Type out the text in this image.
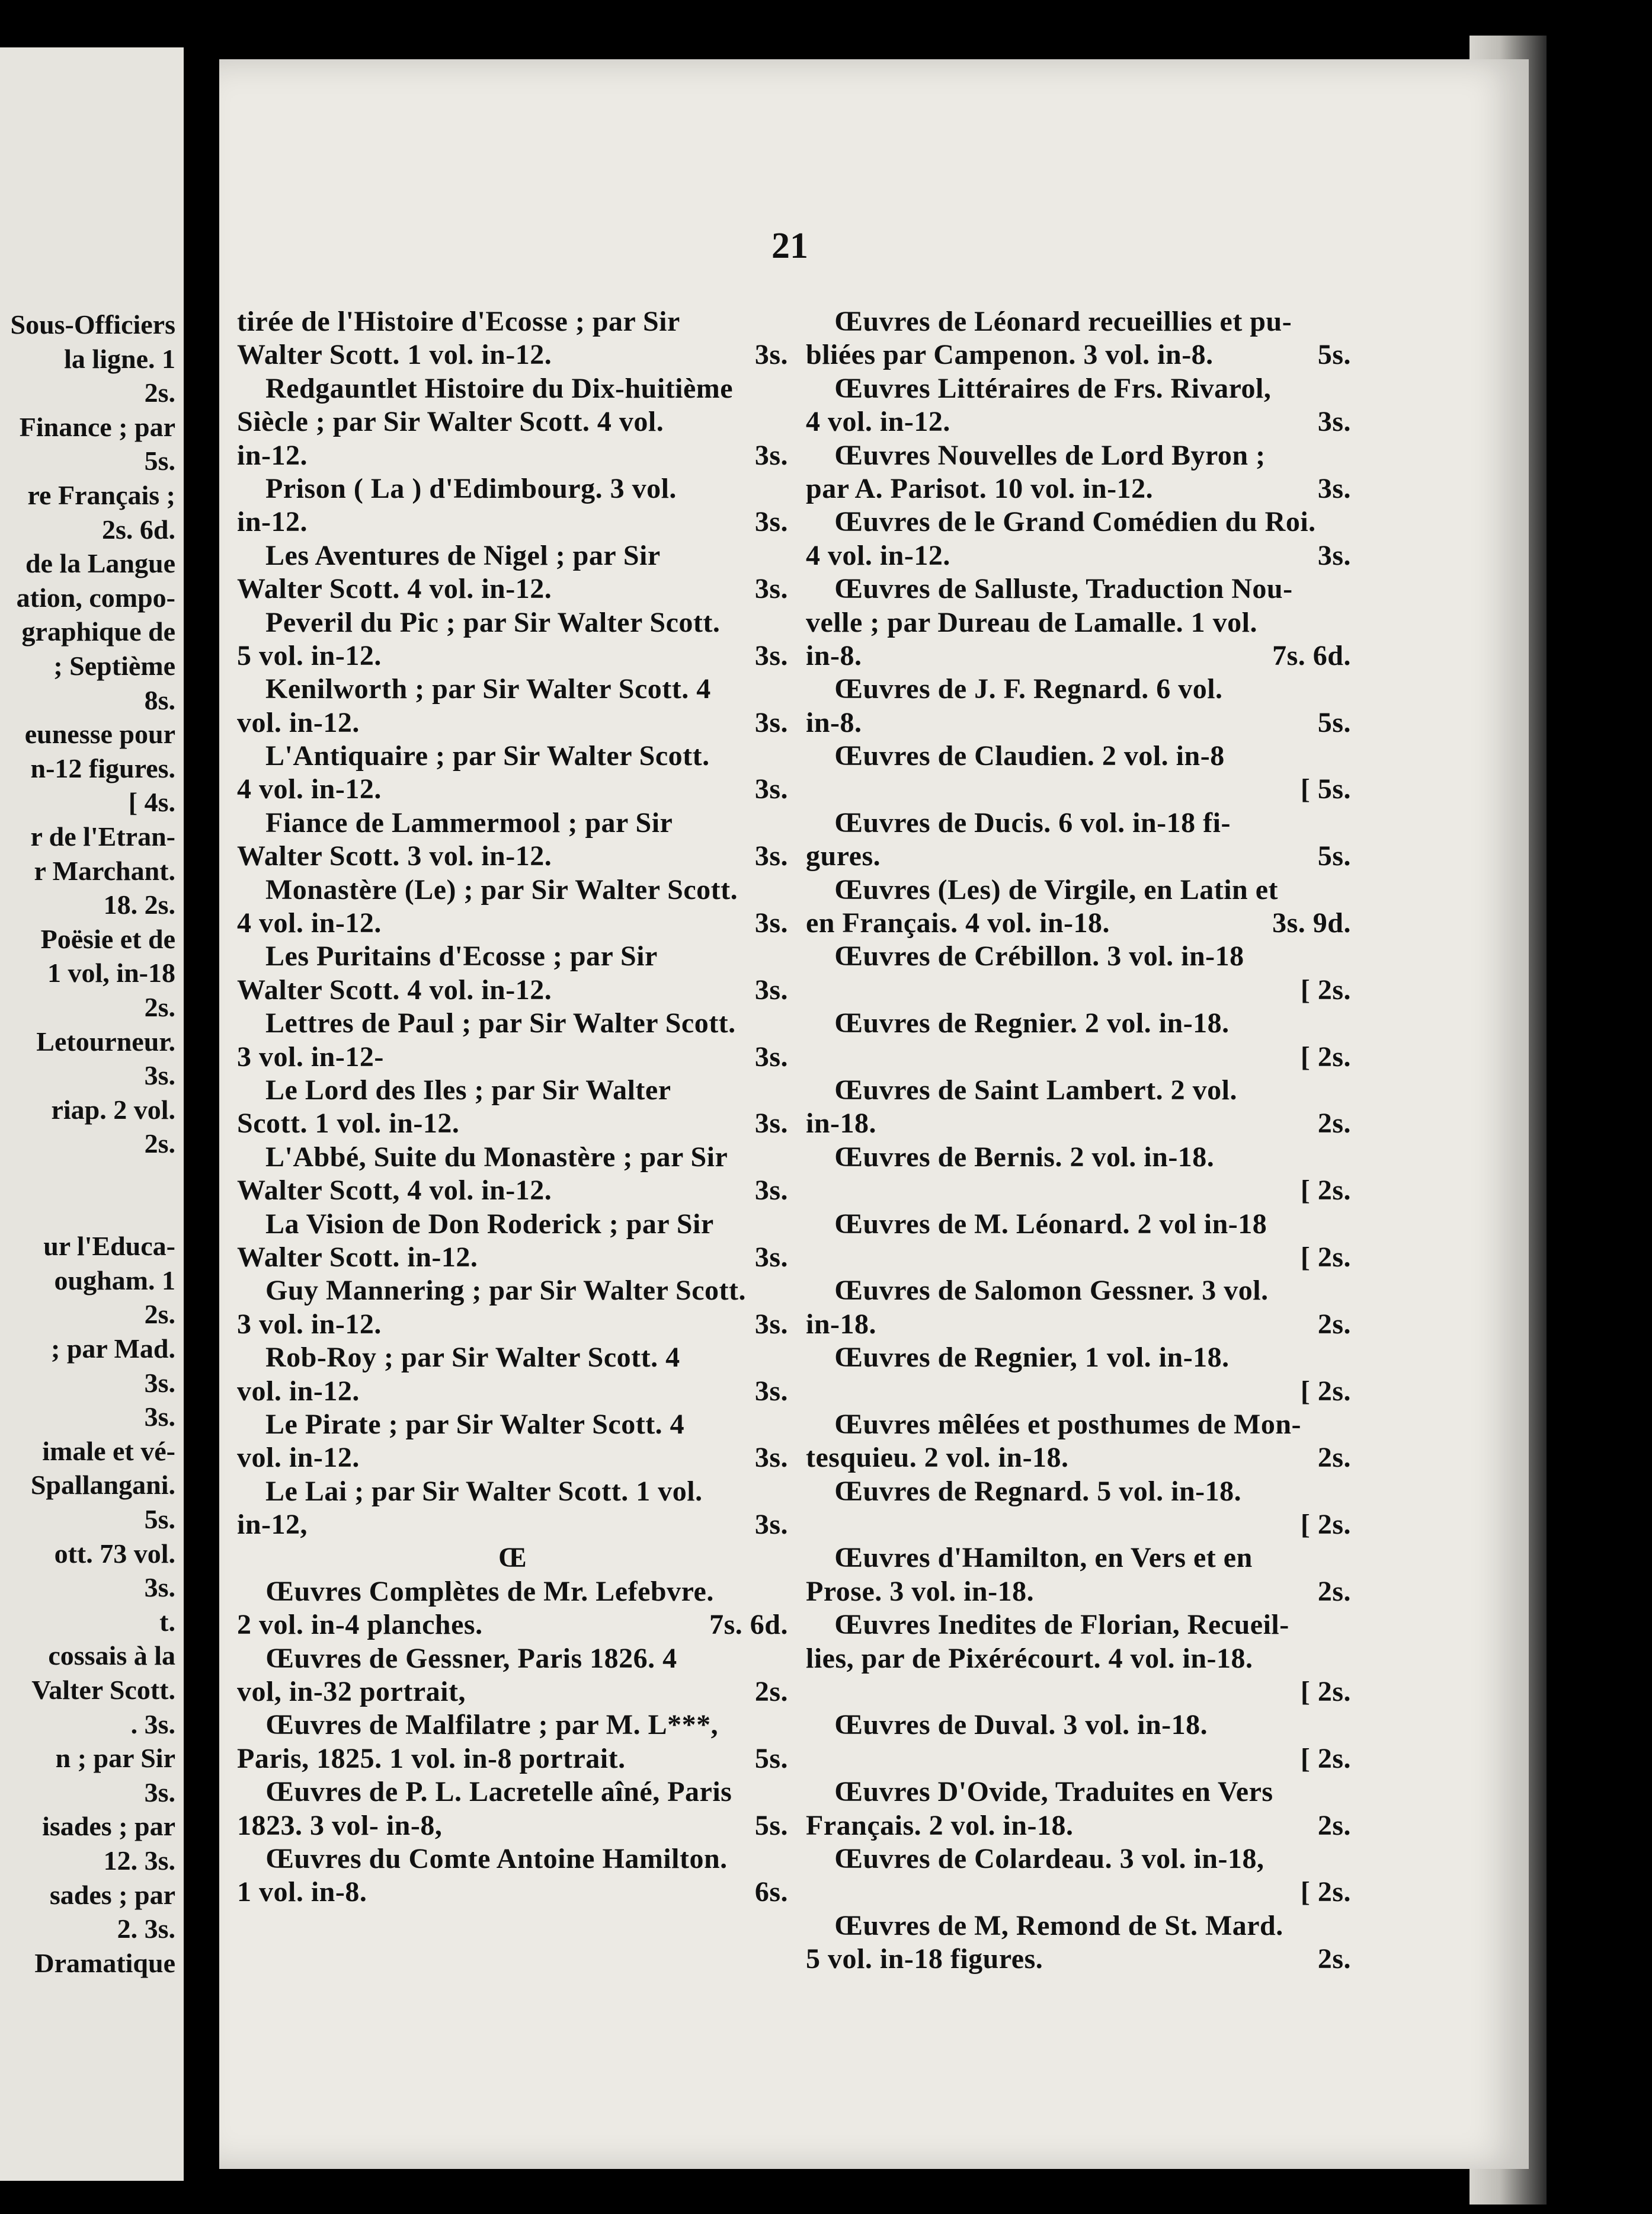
Sous-Officiers
la ligne. 1
2s.
Finance ; par
5s.
re Français ;
2s. 6d.
de la Langue
ation, compo-
graphique de
; Septième
8s.
eunesse pour
n-12 figures.
[ 4s.
r de l'Etran-
r Marchant.
18. 2s.
Poësie et de
1 vol, in-18
2s.
Letourneur.
3s.
riap. 2 vol.
2s.
ur l'Educa-
ougham. 1
2s.
; par Mad.
3s.
3s.
imale et vé-
Spallangani.
5s.
ott. 73 vol.
3s.
t.
cossais à la
Valter Scott.
. 3s.
n ; par Sir
3s.
isades ; par
12. 3s.
sades ; par
2. 3s.
Dramatique
21
tirée de l'Histoire d'Ecosse ; par Sir
Walter Scott. 1 vol. in-12.	3s.
Redgauntlet Histoire du Dix-huitième
Siècle ; par Sir Walter Scott. 4 vol.
in-12.	3s.
Prison ( La ) d'Edimbourg. 3 vol.
in-12.	3s.
Les Aventures de Nigel ; par Sir
Walter Scott. 4 vol. in-12.	3s.
Peveril du Pic ; par Sir Walter Scott.
5 vol. in-12.	3s.
Kenilworth ; par Sir Walter Scott. 4
vol. in-12.	3s.
L'Antiquaire ; par Sir Walter Scott.
4 vol. in-12.	3s.
Fiance de Lammermool ; par Sir
Walter Scott. 3 vol. in-12.	3s.
Monastère (Le) ; par Sir Walter Scott.
4 vol. in-12.	3s.
Les Puritains d'Ecosse ; par Sir
Walter Scott. 4 vol. in-12.	3s.
Lettres de Paul ; par Sir Walter Scott.
3 vol. in-12-	3s.
Le Lord des Iles ; par Sir Walter
Scott. 1 vol. in-12.	3s.
L'Abbé, Suite du Monastère ; par Sir
Walter Scott, 4 vol. in-12.	3s.
La Vision de Don Roderick ; par Sir
Walter Scott. in-12.	3s.
Guy Mannering ; par Sir Walter Scott.
3 vol. in-12.	3s.
Rob-Roy ; par Sir Walter Scott. 4
vol. in-12.	3s.
Le Pirate ; par Sir Walter Scott. 4
vol. in-12.	3s.
Le Lai ; par Sir Walter Scott. 1 vol.
in-12,	3s.
Œ
Œuvres Complètes de Mr. Lefebvre.
2 vol. in-4 planches.	7s. 6d.
Œuvres de Gessner, Paris 1826. 4
vol, in-32 portrait,	2s.
Œuvres de Malfilatre ; par M. L***,
Paris, 1825. 1 vol. in-8 portrait.	5s.
Œuvres de P. L. Lacretelle aîné, Paris
1823. 3 vol- in-8,	5s.
Œuvres du Comte Antoine Hamilton.
1 vol. in-8.	6s.
Œuvres de Léonard recueillies et pu-
bliées par Campenon. 3 vol. in-8.	5s.
Œuvres Littéraires de Frs. Rivarol,
4 vol. in-12.	3s.
Œuvres Nouvelles de Lord Byron ;
par A. Parisot. 10 vol. in-12.	3s.
Œuvres de le Grand Comédien du Roi.
4 vol. in-12.	3s.
Œuvres de Salluste, Traduction Nou-
velle ; par Dureau de Lamalle. 1 vol.
in-8.	7s. 6d.
Œuvres de J. F. Regnard. 6 vol.
in-8.	5s.
Œuvres de Claudien. 2 vol. in-8
[ 5s.
Œuvres de Ducis. 6 vol. in-18 fi-
gures.	5s.
Œuvres (Les) de Virgile, en Latin et
en Français. 4 vol. in-18.	3s. 9d.
Œuvres de Crébillon. 3 vol. in-18
[ 2s.
Œuvres de Regnier. 2 vol. in-18.
[ 2s.
Œuvres de Saint Lambert. 2 vol.
in-18.	2s.
Œuvres de Bernis. 2 vol. in-18.
[ 2s.
Œuvres de M. Léonard. 2 vol in-18
[ 2s.
Œuvres de Salomon Gessner. 3 vol.
in-18.	2s.
Œuvres de Regnier, 1 vol. in-18.
[ 2s.
Œuvres mêlées et posthumes de Mon-
tesquieu. 2 vol. in-18.	2s.
Œuvres de Regnard. 5 vol. in-18.
[ 2s.
Œuvres d'Hamilton, en Vers et en
Prose. 3 vol. in-18.	2s.
Œuvres Inedites de Florian, Recueil-
lies, par de Pixérécourt. 4 vol. in-18.
[ 2s.
Œuvres de Duval. 3 vol. in-18.
[ 2s.
Œuvres D'Ovide, Traduites en Vers
Français. 2 vol. in-18.	2s.
Œuvres de Colardeau. 3 vol. in-18,
[ 2s.
Œuvres de M, Remond de St. Mard.
5 vol. in-18 figures.	2s.
